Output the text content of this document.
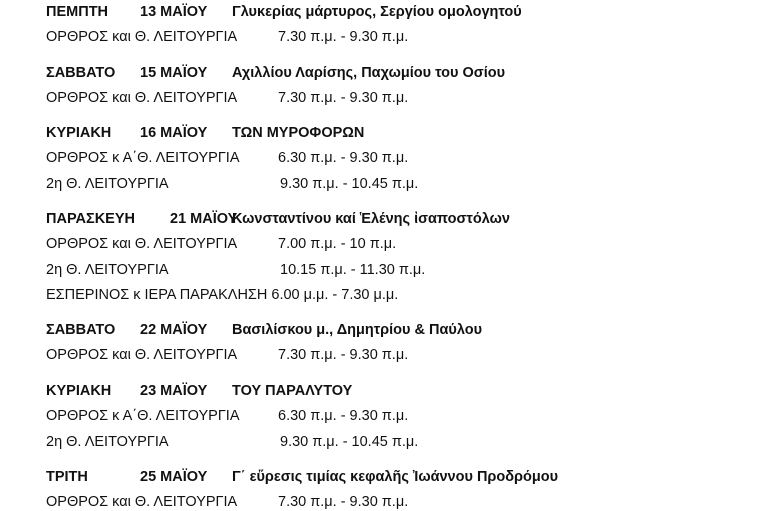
ΠΕΜΠΤΗ 13 ΜΑΪΟΥ Γλυκερίας μάρτυρος, Σεργίου ομολογητού
ΟΡΘΡΟΣ και Θ. ΛΕΙΤΟΥΡΓΙΑ	7.30 π.μ. - 9.30 π.μ.
ΣΑΒΒΑΤΟ 15 ΜΑΪΟΥ Αχιλλίου Λαρίσης, Παχωμίου του Οσίου
ΟΡΘΡΟΣ και Θ. ΛΕΙΤΟΥΡΓΙΑ	7.30 π.μ. - 9.30 π.μ.
ΚΥΡΙΑΚΗ 16 ΜΑΪΟΥ ΤΩΝ ΜΥΡΟΦΟΡΩΝ
ΟΡΘΡΟΣ κ Α΄Θ. ΛΕΙΤΟΥΡΓΙΑ	6.30 π.μ. - 9.30 π.μ.
2η Θ. ΛΕΙΤΟΥΡΓΙΑ	9.30 π.μ. - 10.45 π.μ.
ΠΑΡΑΣΚΕΥΗ 21 ΜΑΪΟΥ
Κωνσταντίνου καί Ἑλένης ἰσαποστόλων
ΟΡΘΡΟΣ και Θ. ΛΕΙΤΟΥΡΓΙΑ	7.00 π.μ. - 10 π.μ.
2η Θ. ΛΕΙΤΟΥΡΓΙΑ	10.15 π.μ. - 11.30 π.μ.
ΕΣΠΕΡΙΝΟΣ κ ΙΕΡΑ ΠΑΡΑΚΛΗΣΗ 6.00 μ.μ. - 7.30 μ.μ.
ΣΑΒΒΑΤΟ 22 ΜΑΪΟΥ Βασιλίσκου μ., Δημητρίου & Παύλου
ΟΡΘΡΟΣ και Θ. ΛΕΙΤΟΥΡΓΙΑ	7.30 π.μ. - 9.30 π.μ.
ΚΥΡΙΑΚΗ 23 ΜΑΪΟΥ ΤΟΥ ΠΑΡΑΛΥΤΟΥ
ΟΡΘΡΟΣ κ Α΄Θ. ΛΕΙΤΟΥΡΓΙΑ	6.30 π.μ. - 9.30 π.μ.
2η Θ. ΛΕΙΤΟΥΡΓΙΑ	9.30 π.μ. - 10.45 π.μ.
ΤΡΙΤΗ	25 ΜΑΪΟΥ Γ΄ εὕρεσις τιμίας κεφαλῆς Ἰωάννου Προδρόμου
ΟΡΘΡΟΣ και Θ. ΛΕΙΤΟΥΡΓΙΑ	7.30 π.μ. - 9.30 π.μ.
